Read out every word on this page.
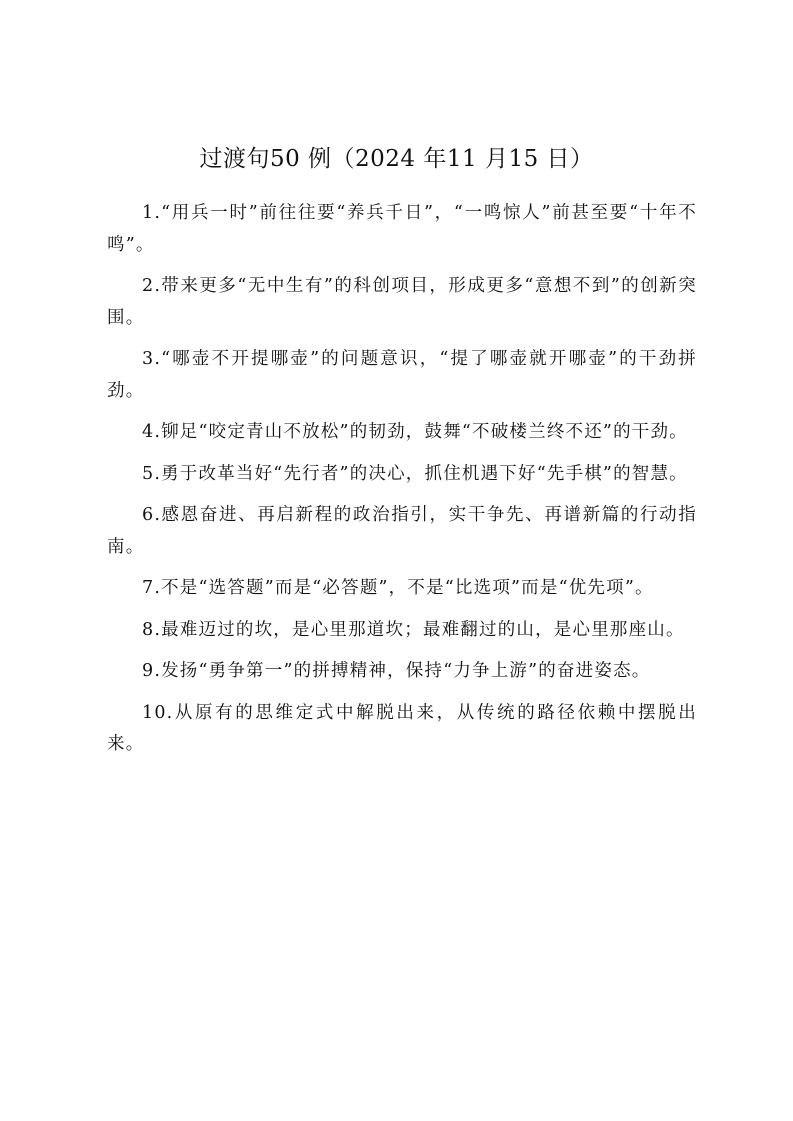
过渡句50 例（2024 年11 月15 日）
1.“用兵一时”前往往要“养兵千日”，“一鸣惊人”前甚至要“十年不鸣”。
2.带来更多“无中生有”的科创项目，形成更多“意想不到”的创新突围。
3.“哪壶不开提哪壶”的问题意识，“提了哪壶就开哪壶”的干劲拼劲。
4.铆足“咬定青山不放松”的韧劲，鼓舞“不破楼兰终不还”的干劲。
5.勇于改革当好“先行者”的决心，抓住机遇下好“先手棋”的智慧。
6.感恩奋进、再启新程的政治指引，实干争先、再谱新篇的行动指南。
7.不是“选答题”而是“必答题”，不是“比选项”而是“优先项”。
8.最难迈过的坎，是心里那道坎；最难翻过的山，是心里那座山。
9.发扬“勇争第一”的拼搏精神，保持“力争上游”的奋进姿态。
10.从原有的思维定式中解脱出来，从传统的路径依赖中摆脱出来。
